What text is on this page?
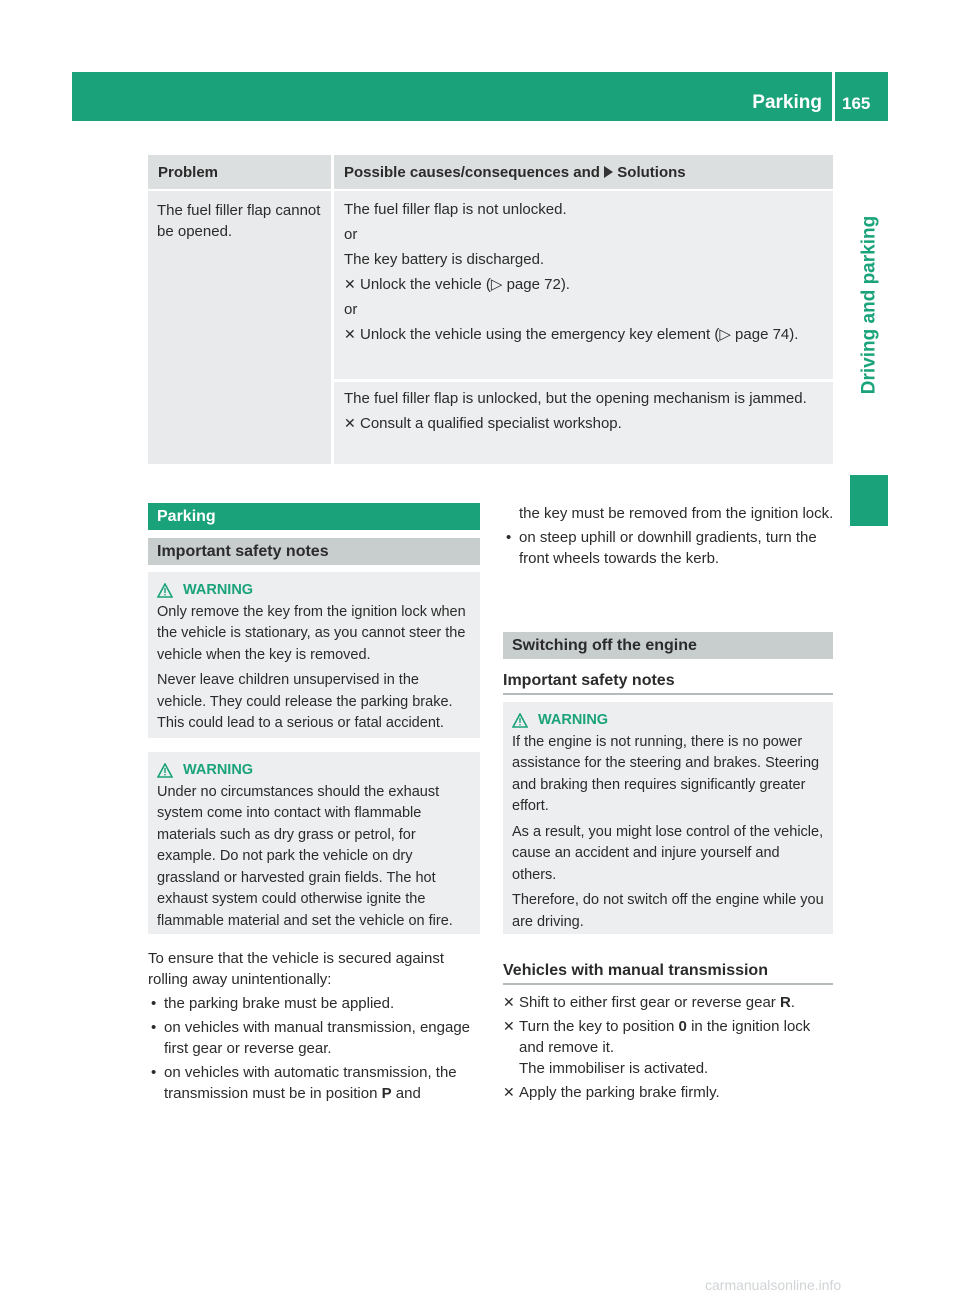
Parking 165
Driving and parking
Problem	Possible causes/consequences and Solutions
The fuel filler flap cannot be opened.

The fuel filler flap is not unlocked.

or

The key battery is discharged.

✕ Unlock the vehicle (▷ page 72).

or

✕ Unlock the vehicle using the emergency key element (▷ page 74).

The fuel filler flap is unlocked, but the opening mechanism is jammed.

✕ Consult a qualified specialist workshop.

Parking
Important safety notes
WARNING

Only remove the key from the ignition lock when the vehicle is stationary, as you cannot steer the vehicle when the key is removed.

Never leave children unsupervised in the vehicle. They could release the parking brake. This could lead to a serious or fatal accident.

WARNING

Under no circumstances should the exhaust system come into contact with flammable materials such as dry grass or petrol, for example. Do not park the vehicle on dry grassland or harvested grain fields. The hot exhaust system could otherwise ignite the flammable material and set the vehicle on fire.

To ensure that the vehicle is secured against rolling away unintentionally:

• the parking brake must be applied.

• on vehicles with manual transmission, engage first gear or reverse gear.

• on vehicles with automatic transmission, the transmission must be in position P and

the key must be removed from the ignition lock.

• on steep uphill or downhill gradients, turn the front wheels towards the kerb.

Switching off the engine
Important safety notes
WARNING

If the engine is not running, there is no power assistance for the steering and brakes. Steering and braking then requires significantly greater effort.

As a result, you might lose control of the vehicle, cause an accident and injure yourself and others.

Therefore, do not switch off the engine while you are driving.

Vehicles with manual transmission

✕ Shift to either first gear or reverse gear R.

✕ Turn the key to position 0 in the ignition lock and remove it.
The immobiliser is activated.

✕ Apply the parking brake firmly.

carmanualsonline.info
